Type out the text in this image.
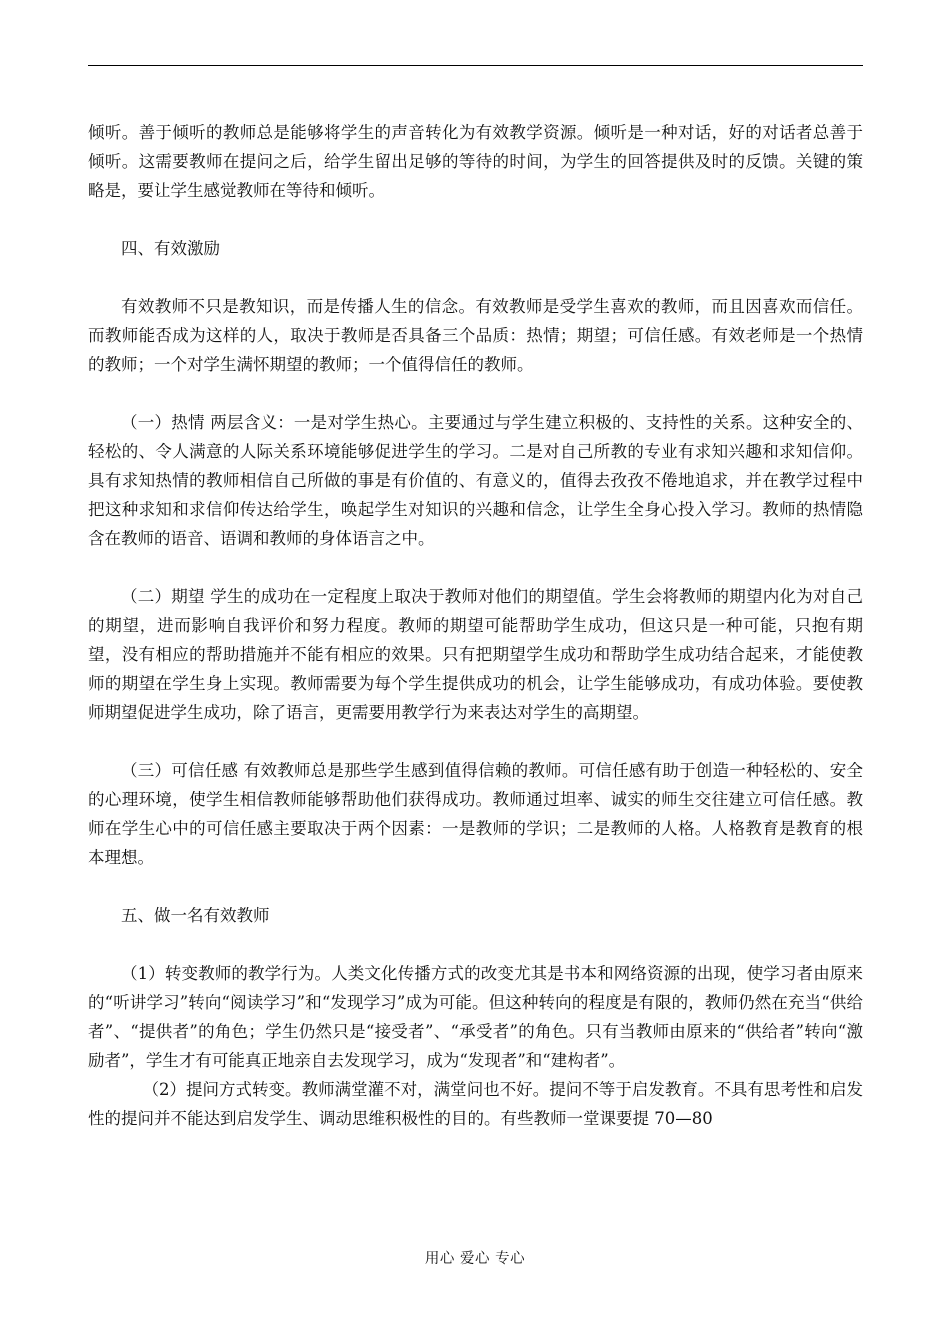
倾听。善于倾听的教师总是能够将学生的声音转化为有效教学资源。倾听是一种对话，好的对话者总善于倾听。这需要教师在提问之后，给学生留出足够的等待的时间，为学生的回答提供及时的反馈。关键的策略是，要让学生感觉教师在等待和倾听。

四、有效激励

有效教师不只是教知识，而是传播人生的信念。有效教师是受学生喜欢的教师，而且因喜欢而信任。而教师能否成为这样的人，取决于教师是否具备三个品质：热情；期望；可信任感。有效老师是一个热情的教师；一个对学生满怀期望的教师；一个值得信任的教师。

（一）热情 两层含义：一是对学生热心。主要通过与学生建立积极的、支持性的关系。这种安全的、轻松的、令人满意的人际关系环境能够促进学生的学习。二是对自己所教的专业有求知兴趣和求知信仰。具有求知热情的教师相信自己所做的事是有价值的、有意义的，值得去孜孜不倦地追求，并在教学过程中把这种求知和求信仰传达给学生，唤起学生对知识的兴趣和信念，让学生全身心投入学习。教师的热情隐含在教师的语音、语调和教师的身体语言之中。

（二）期望 学生的成功在一定程度上取决于教师对他们的期望值。学生会将教师的期望内化为对自己的期望，进而影响自我评价和努力程度。教师的期望可能帮助学生成功，但这只是一种可能，只抱有期望，没有相应的帮助措施并不能有相应的效果。只有把期望学生成功和帮助学生成功结合起来，才能使教师的期望在学生身上实现。教师需要为每个学生提供成功的机会，让学生能够成功，有成功体验。要使教师期望促进学生成功，除了语言，更需要用教学行为来表达对学生的高期望。

（三）可信任感 有效教师总是那些学生感到值得信赖的教师。可信任感有助于创造一种轻松的、安全的心理环境，使学生相信教师能够帮助他们获得成功。教师通过坦率、诚实的师生交往建立可信任感。教师在学生心中的可信任感主要取决于两个因素：一是教师的学识；二是教师的人格。人格教育是教育的根本理想。

五、做一名有效教师

（1）转变教师的教学行为。人类文化传播方式的改变尤其是书本和网络资源的出现，使学习者由原来的“听讲学习”转向“阅读学习”和“发现学习”成为可能。但这种转向的程度是有限的，教师仍然在充当“供给者”、“提供者”的角色；学生仍然只是“接受者”、“承受者”的角色。只有当教师由原来的“供给者”转向“激励者”，学生才有可能真正地亲自去发现学习，成为“发现者”和“建构者”。

（2）提问方式转变。教师满堂灌不对，满堂问也不好。提问不等于启发教育。不具有思考性和启发性的提问并不能达到启发学生、调动思维积极性的目的。有些教师一堂课要提 70—80

用心 爱心 专心
